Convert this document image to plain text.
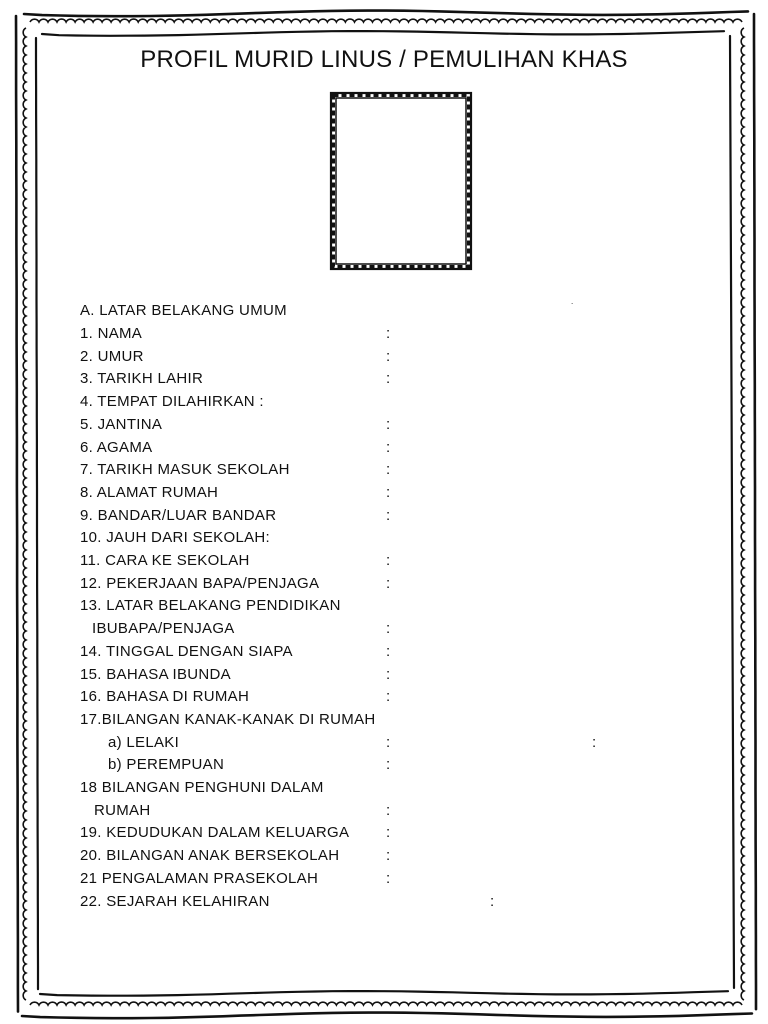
PROFIL MURID LINUS / PEMULIHAN KHAS
.
A. LATAR BELAKANG UMUM
1. NAMA	:
2. UMUR	:
3. TARIKH LAHIR	:
4. TEMPAT DILAHIRKAN :
5. JANTINA	:
6. AGAMA	:
7. TARIKH MASUK SEKOLAH	:
8. ALAMAT RUMAH	:
9. BANDAR/LUAR BANDAR	:
10. JAUH DARI SEKOLAH:
11. CARA KE SEKOLAH	:
12. PEKERJAAN BAPA/PENJAGA	:
13. LATAR BELAKANG PENDIDIKAN
IBUBAPA/PENJAGA	:
14. TINGGAL DENGAN SIAPA	:
15. BAHASA IBUNDA	:
16. BAHASA DI RUMAH	:
17.BILANGAN KANAK-KANAK DI RUMAH
a) LELAKI	:	:
b) PEREMPUAN	:
18 BILANGAN PENGHUNI DALAM
RUMAH	:
19. KEDUDUKAN DALAM KELUARGA :
20. BILANGAN ANAK BERSEKOLAH	:
21 PENGALAMAN PRASEKOLAH	:
22. SEJARAH KELAHIRAN	:
